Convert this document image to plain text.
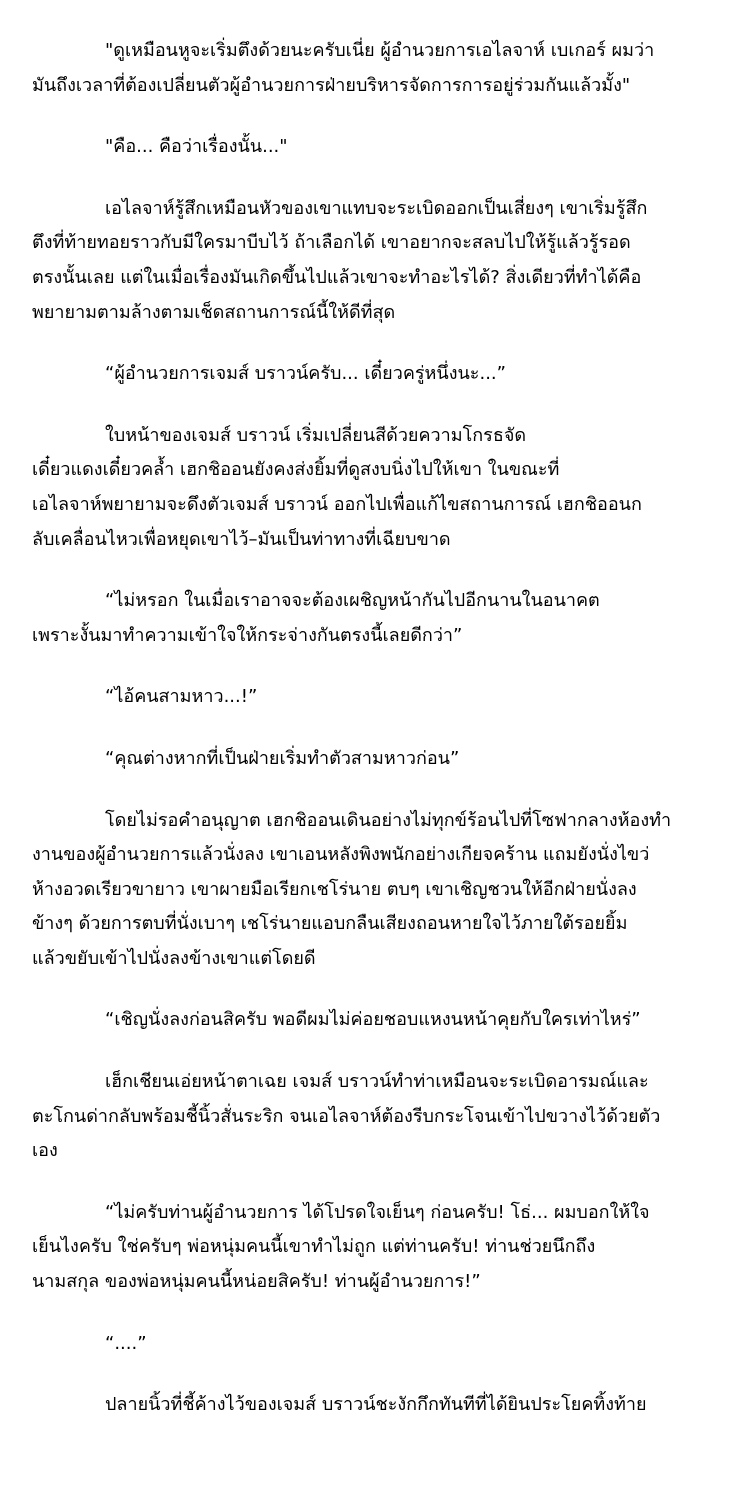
"ดูเหมือนหูจะเริ่มตึงด้วยนะครับเนี่ย ผู้อำนวยการเอไลจาห์ เบเกอร์ ผมว่า
มันถึงเวลาที่ต้องเปลี่ยนตัวผู้อำนวยการฝ่ายบริหารจัดการการอยู่ร่วมกันแล้วมั้ง"

"คือ... คือว่าเรื่องนั้น..."

เอไลจาห์รู้สึกเหมือนหัวของเขาแทบจะระเบิดออกเป็นเสี่ยงๆ เขาเริ่มรู้สึก
ตึงที่ท้ายทอยราวกับมีใครมาบีบไว้ ถ้าเลือกได้ เขาอยากจะสลบไปให้รู้แล้วรู้รอด
ตรงนั้นเลย แต่ในเมื่อเรื่องมันเกิดขึ้นไปแล้วเขาจะทำอะไรได้? สิ่งเดียวที่ทำได้คือ
พยายามตามล้างตามเช็ดสถานการณ์นี้ให้ดีที่สุด

“ผู้อำนวยการเจมส์ บราวน์ครับ... เดี๋ยวครู่หนึ่งนะ...”

ใบหน้าของเจมส์ บราวน์ เริ่มเปลี่ยนสีด้วยความโกรธจัด
เดี๋ยวแดงเดี๋ยวคล้ำ เฮกชิออนยังคงส่งยิ้มที่ดูสงบนิ่งไปให้เขา ในขณะที่
เอไลจาห์พยายามจะดึงตัวเจมส์ บราวน์ ออกไปเพื่อแก้ไขสถานการณ์ เฮกชิออนก
ลับเคลื่อนไหวเพื่อหยุดเขาไว้–มันเป็นท่าทางที่เฉียบขาด

“ไม่หรอก ในเมื่อเราอาจจะต้องเผชิญหน้ากันไปอีกนานในอนาคต
เพราะงั้นมาทำความเข้าใจให้กระจ่างกันตรงนี้เลยดีกว่า”

“ไอ้คนสามหาว...!”

“คุณต่างหากที่เป็นฝ่ายเริ่มทำตัวสามหาวก่อน”

โดยไม่รอคำอนุญาต เฮกชิออนเดินอย่างไม่ทุกข์ร้อนไปที่โซฟากลางห้องทำ
งานของผู้อำนวยการแล้วนั่งลง เขาเอนหลังพิงพนักอย่างเกียจคร้าน แถมยังนั่งไขว่
ห้างอวดเรียวขายาว เขาผายมือเรียกเชโร่นาย ตบๆ เขาเชิญชวนให้อีกฝ่ายนั่งลง
ข้างๆ ด้วยการตบที่นั่งเบาๆ เชโร่นายแอบกลืนเสียงถอนหายใจไว้ภายใต้รอยยิ้ม
แล้วขยับเข้าไปนั่งลงข้างเขาแต่โดยดี

“เชิญนั่งลงก่อนสิครับ พอดีผมไม่ค่อยชอบแหงนหน้าคุยกับใครเท่าไหร่”

เฮ็กเชียนเอ่ยหน้าตาเฉย เจมส์ บราวน์ทำท่าเหมือนจะระเบิดอารมณ์และ
ตะโกนด่ากลับพร้อมชี้นิ้วสั่นระริก จนเอไลจาห์ต้องรีบกระโจนเข้าไปขวางไว้ด้วยตัว
เอง

“ไม่ครับท่านผู้อำนวยการ ได้โปรดใจเย็นๆ ก่อนครับ! โธ่... ผมบอกให้ใจ
เย็นไงครับ ใช่ครับๆ พ่อหนุ่มคนนี้เขาทำไม่ถูก แต่ท่านครับ! ท่านช่วยนึกถึง
นามสกุล ของพ่อหนุ่มคนนี้หน่อยสิครับ! ท่านผู้อำนวยการ!”

“....”

ปลายนิ้วที่ชี้ค้างไว้ของเจมส์ บราวน์ชะงักกึกทันทีที่ได้ยินประโยคทิ้งท้าย
